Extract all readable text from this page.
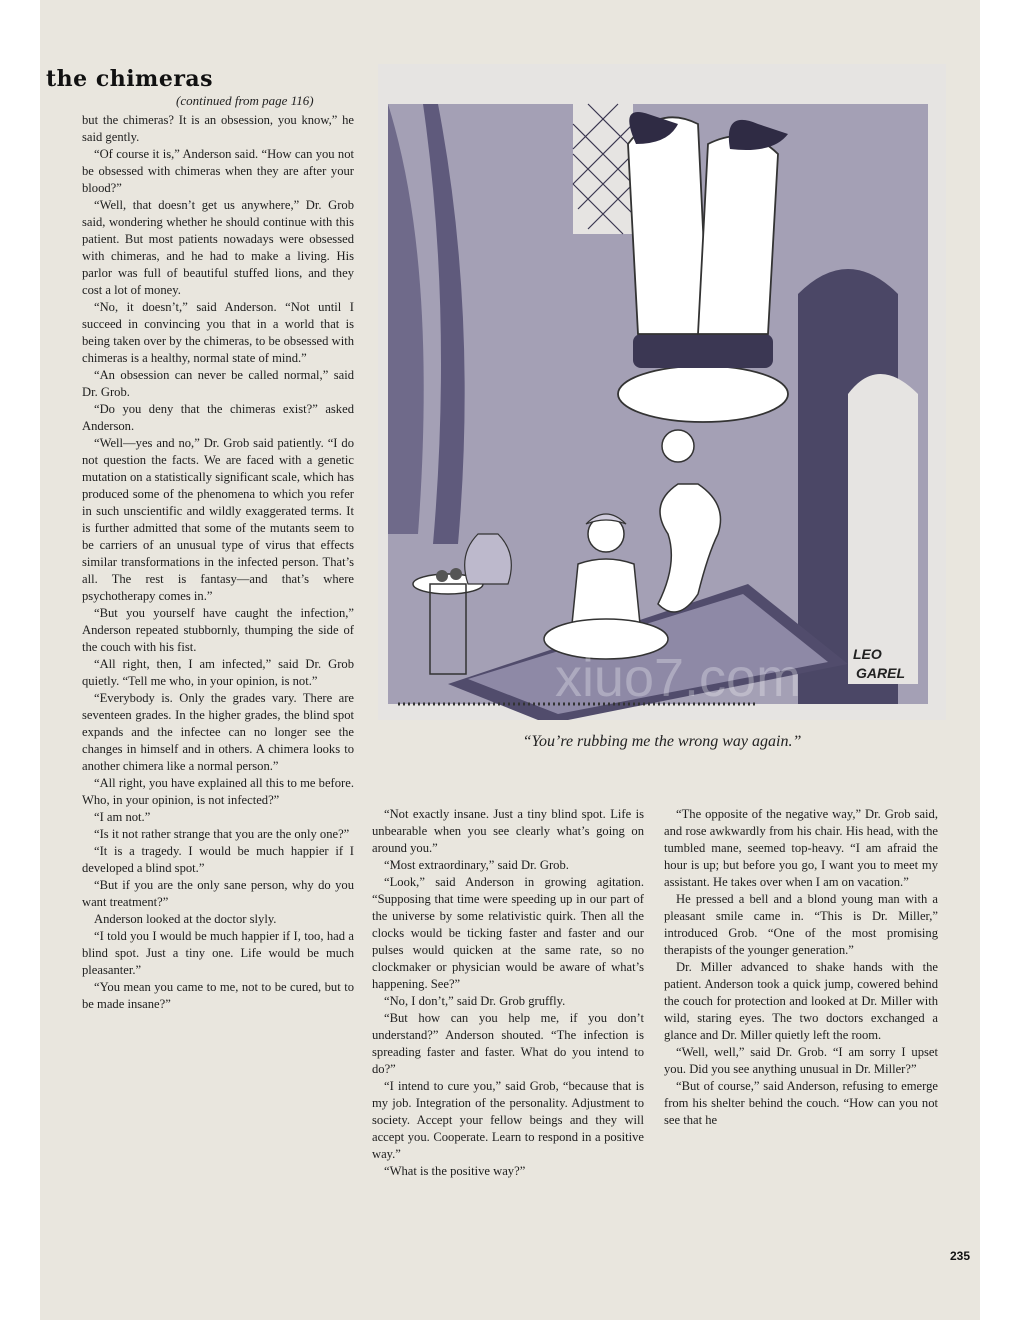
the chimeras
(continued from page 116)

but the chimeras? It is an obsession, you know,” he said gently.

“Of course it is,” Anderson said. “How can you not be obsessed with chimeras when they are after your blood?”

“Well, that doesn’t get us anywhere,” Dr. Grob said, wondering whether he should continue with this patient. But most patients nowadays were obsessed with chimeras, and he had to make a living. His parlor was full of beautiful stuffed lions, and they cost a lot of money.

“No, it doesn’t,” said Anderson. “Not until I succeed in convincing you that in a world that is being taken over by the chimeras, to be obsessed with chimeras is a healthy, normal state of mind.”

“An obsession can never be called normal,” said Dr. Grob.

“Do you deny that the chimeras exist?” asked Anderson.

“Well—yes and no,” Dr. Grob said patiently. “I do not question the facts. We are faced with a genetic mutation on a statistically significant scale, which has produced some of the phenomena to which you refer in such unscientific and wildly exaggerated terms. It is further admitted that some of the mutants seem to be carriers of an unusual type of virus that effects similar transformations in the infected person. That’s all. The rest is fantasy—and that’s where psychotherapy comes in.”

“But you yourself have caught the infection,” Anderson repeated stubbornly, thumping the side of the couch with his fist.

“All right, then, I am infected,” said Dr. Grob quietly. “Tell me who, in your opinion, is not.”

“Everybody is. Only the grades vary. There are seventeen grades. In the higher grades, the blind spot expands and the infectee can no longer see the changes in himself and in others. A chimera looks to another chimera like a normal person.”

“All right, you have explained all this to me before. Who, in your opinion, is not infected?”

“I am not.”

“Is it not rather strange that you are the only one?”

“It is a tragedy. I would be much happier if I developed a blind spot.”

“But if you are the only sane person, why do you want treatment?”

Anderson looked at the doctor slyly.

“I told you I would be much happier if I, too, had a blind spot. Just a tiny one. Life would be much pleasanter.”

“You mean you came to me, not to be cured, but to be made insane?”

LEO
GAREL
xiuo7.com
“You’re rubbing me the wrong way again.”

“Not exactly insane. Just a tiny blind spot. Life is unbearable when you see clearly what’s going on around you.”

“Most extraordinary,” said Dr. Grob.

“Look,” said Anderson in growing agitation. “Supposing that time were speeding up in our part of the universe by some relativistic quirk. Then all the clocks would be ticking faster and faster and our pulses would quicken at the same rate, so no clockmaker or physician would be aware of what’s happening. See?”

“No, I don’t,” said Dr. Grob gruffly.

“But how can you help me, if you don’t understand?” Anderson shouted. “The infection is spreading faster and faster. What do you intend to do?”

“I intend to cure you,” said Grob, “because that is my job. Integration of the personality. Adjustment to society. Accept your fellow beings and they will accept you. Cooperate. Learn to respond in a positive way.”

“What is the positive way?”

“The opposite of the negative way,” Dr. Grob said, and rose awkwardly from his chair. His head, with the tumbled mane, seemed top-heavy. “I am afraid the hour is up; but before you go, I want you to meet my assistant. He takes over when I am on vacation.”

He pressed a bell and a blond young man with a pleasant smile came in. “This is Dr. Miller,” introduced Grob. “One of the most promising therapists of the younger generation.”

Dr. Miller advanced to shake hands with the patient. Anderson took a quick jump, cowered behind the couch for protection and looked at Dr. Miller with wild, staring eyes. The two doctors exchanged a glance and Dr. Miller quietly left the room.

“Well, well,” said Dr. Grob. “I am sorry I upset you. Did you see anything unusual in Dr. Miller?”

“But of course,” said Anderson, refusing to emerge from his shelter behind the couch. “How can you not see that he

235
